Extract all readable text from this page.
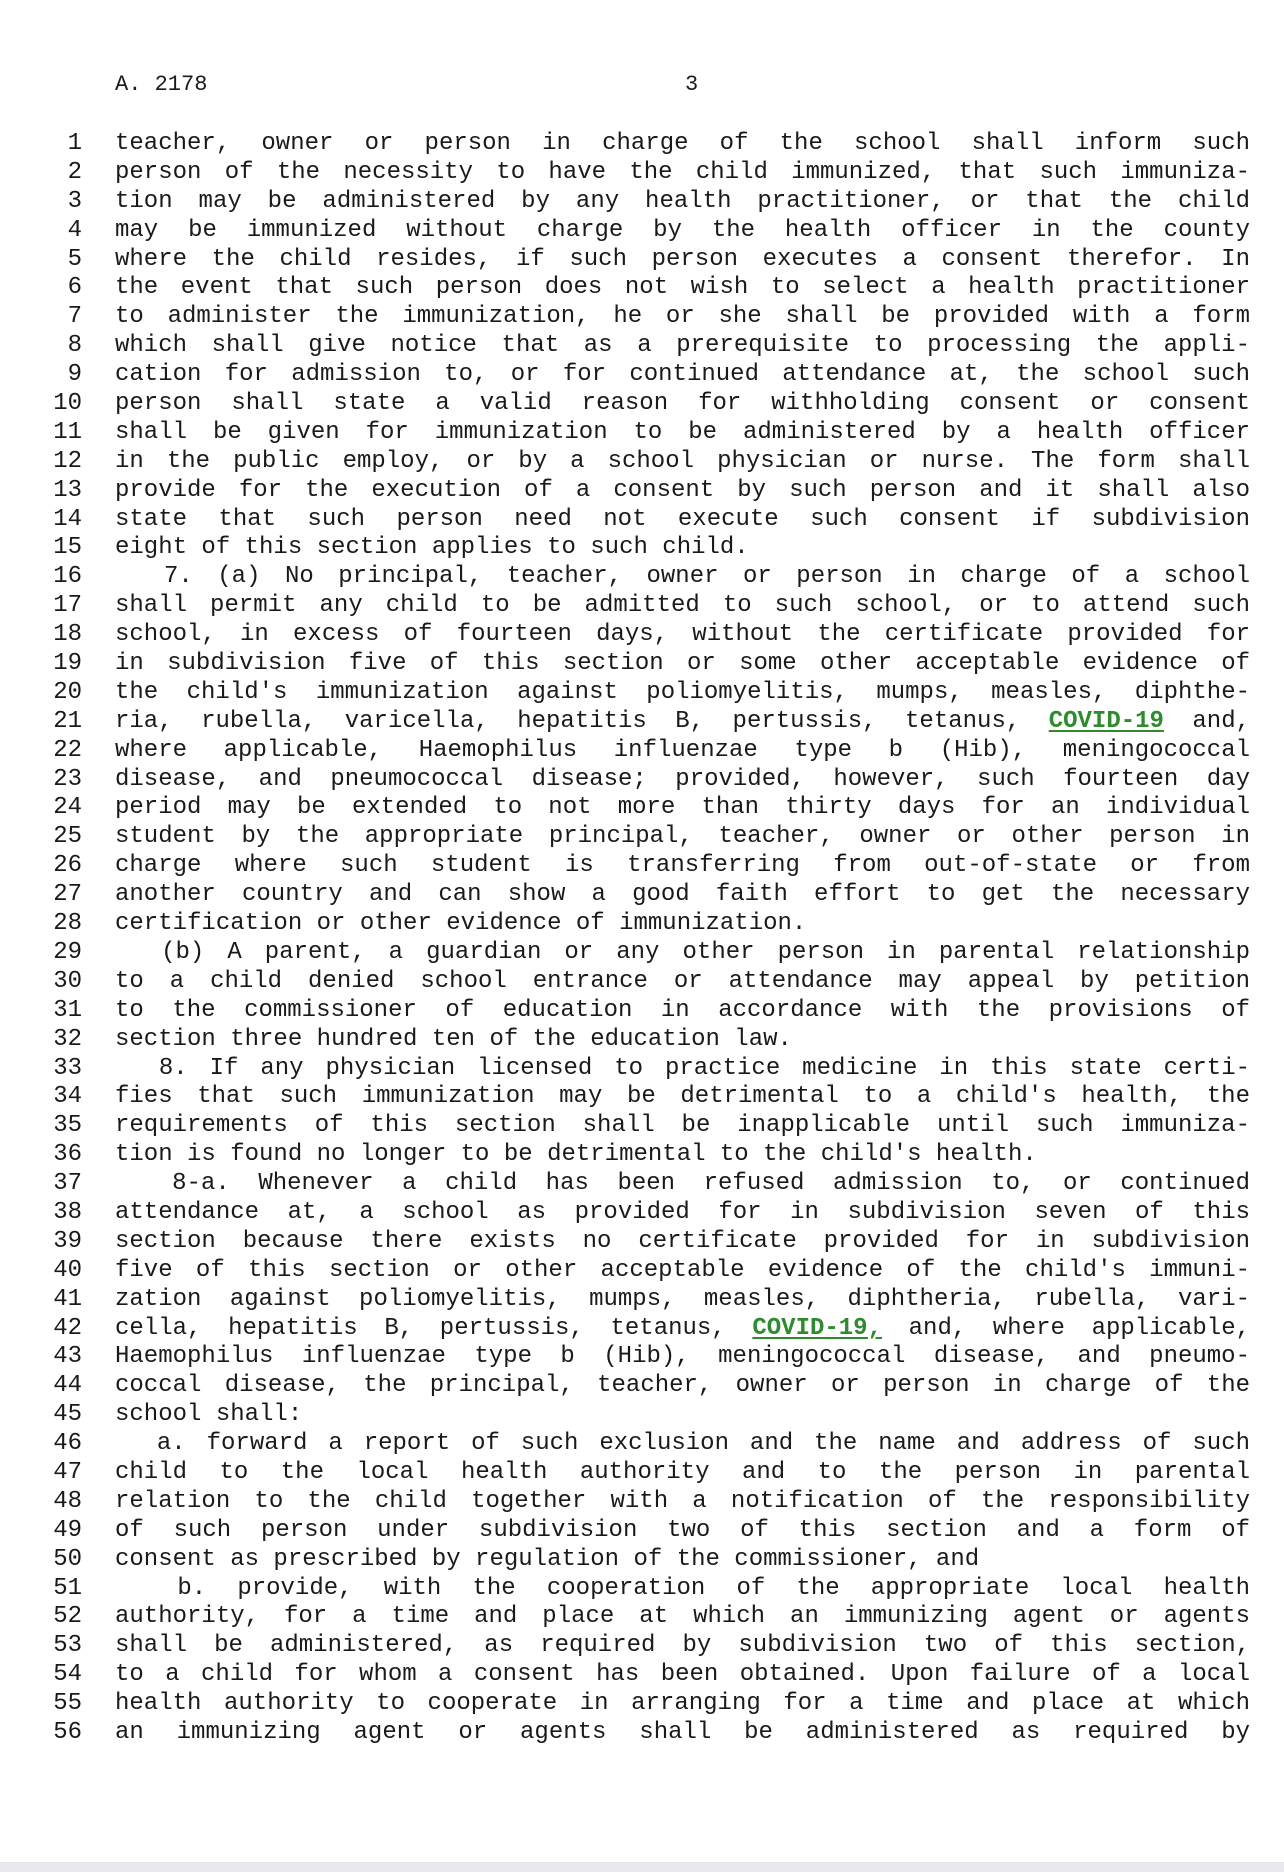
A. 2178	3
1 teacher, owner or person in charge of the school shall inform such
2 person of the necessity to have the child immunized, that such immuniza-
3 tion may be administered by any health practitioner, or that the child
4 may be immunized without charge by the health officer in the county
5 where the child resides, if such person executes a consent therefor. In
6 the event that such person does not wish to select a health practitioner
7 to administer the immunization, he or she shall be provided with a form
8 which shall give notice that as a prerequisite to processing the appli-
9 cation for admission to, or for continued attendance at, the school such
10 person shall state a valid reason for withholding consent or consent
11 shall be given for immunization to be administered by a health officer
12 in the public employ, or by a school physician or nurse. The form shall
13 provide for the execution of a consent by such person and it shall also
14 state that such person need not execute such consent if subdivision
15 eight of this section applies to such child.
16 7. (a) No principal, teacher, owner or person in charge of a school
17 shall permit any child to be admitted to such school, or to attend such
18 school, in excess of fourteen days, without the certificate provided for
19 in subdivision five of this section or some other acceptable evidence of
20 the child's immunization against poliomyelitis, mumps, measles, diphthe-
21 ria, rubella, varicella, hepatitis B, pertussis, tetanus, COVID-19 and,
22 where applicable, Haemophilus influenzae type b (Hib), meningococcal
23 disease, and pneumococcal disease; provided, however, such fourteen day
24 period may be extended to not more than thirty days for an individual
25 student by the appropriate principal, teacher, owner or other person in
26 charge where such student is transferring from out-of-state or from
27 another country and can show a good faith effort to get the necessary
28 certification or other evidence of immunization.
29 (b) A parent, a guardian or any other person in parental relationship
30 to a child denied school entrance or attendance may appeal by petition
31 to the commissioner of education in accordance with the provisions of
32 section three hundred ten of the education law.
33 8. If any physician licensed to practice medicine in this state certi-
34 fies that such immunization may be detrimental to a child's health, the
35 requirements of this section shall be inapplicable until such immuniza-
36 tion is found no longer to be detrimental to the child's health.
37 8-a. Whenever a child has been refused admission to, or continued
38 attendance at, a school as provided for in subdivision seven of this
39 section because there exists no certificate provided for in subdivision
40 five of this section or other acceptable evidence of the child's immuni-
41 zation against poliomyelitis, mumps, measles, diphtheria, rubella, vari-
42 cella, hepatitis B, pertussis, tetanus, COVID-19, and, where applicable,
43 Haemophilus influenzae type b (Hib), meningococcal disease, and pneumo-
44 coccal disease, the principal, teacher, owner or person in charge of the
45 school shall:
46 a. forward a report of such exclusion and the name and address of such
47 child to the local health authority and to the person in parental
48 relation to the child together with a notification of the responsibility
49 of such person under subdivision two of this section and a form of
50 consent as prescribed by regulation of the commissioner, and
51 b. provide, with the cooperation of the appropriate local health
52 authority, for a time and place at which an immunizing agent or agents
53 shall be administered, as required by subdivision two of this section,
54 to a child for whom a consent has been obtained. Upon failure of a local
55 health authority to cooperate in arranging for a time and place at which
56 an immunizing agent or agents shall be administered as required by
